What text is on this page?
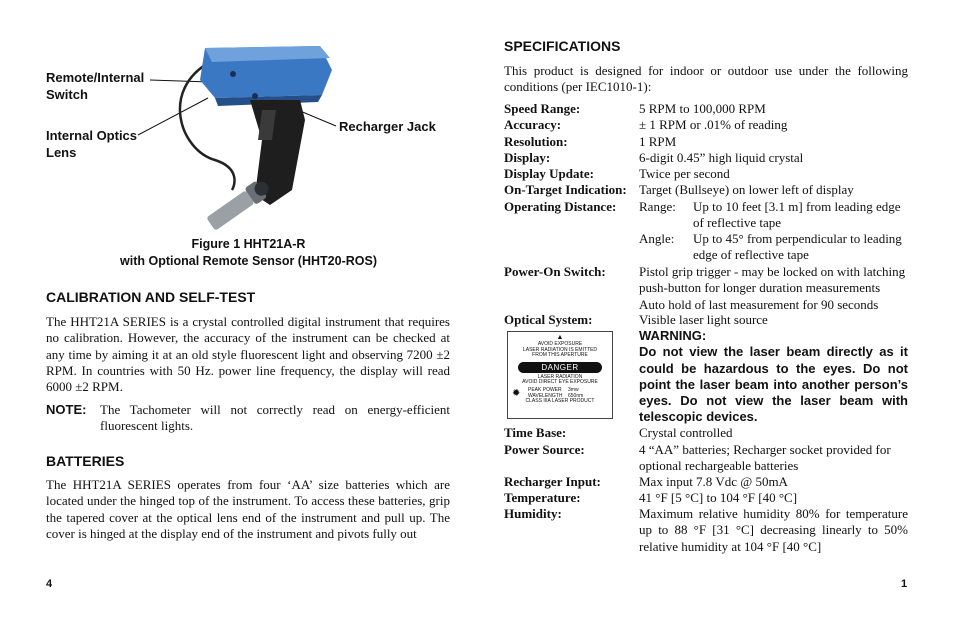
Remote/Internal
Switch
Internal Optics
Lens
Recharger Jack
Figure 1 HHT21A-R
with Optional Remote Sensor (HHT20-ROS)
CALIBRATION AND SELF-TEST
The HHT21A SERIES is a crystal controlled digital instrument that requires no calibration. However, the accuracy of the instrument can be checked at any time by aiming it at an old style fluorescent light and observing 7200 ±2 RPM. In countries with 50 Hz. power line frequency, the display will read 6000 ±2 RPM.
NOTE: The Tachometer will not correctly read on energy-efficient fluorescent lights.
BATTERIES
The HHT21A SERIES operates from four ‘AA’ size batteries which are located under the hinged top of the instrument. To access these batteries, grip the tapered cover at the optical lens end of the instrument and pull up. The cover is hinged at the display end of the instrument and pivots fully out
4
SPECIFICATIONS
This product is designed for indoor or outdoor use under the following conditions (per IEC1010-1):
Speed Range:	5 RPM to 100,000 RPM
Accuracy:	± 1 RPM or .01% of reading
Resolution:	1 RPM
Display:	6-digit 0.45” high liquid crystal
Display Update:	Twice per second
On-Target Indication: Target (Bullseye) on lower left of display
Operating Distance: Range:	Up to 10 feet [3.1 m] from leading edge of reflective tape
Angle:	Up to 45° from perpendicular to leading edge of reflective tape
Power-On Switch:	Pistol grip trigger - may be locked on with latching push-button for longer duration measurements Auto hold of last measurement for 90 seconds
Optical System:	Visible laser light source
WARNING:
Do not view the laser beam directly as it could be hazardous to the eyes. Do not point the laser beam into another person’s eyes. Do not view the laser beam with telescopic devices.
Time Base:	Crystal controlled
Power Source:	4 “AA” batteries; Recharger socket provided for optional rechargeable batteries
Recharger Input:	Max input 7.8 Vdc @ 50mA
Temperature:	41 °F [5 °C] to 104 °F [40 °C]
Humidity:	Maximum relative humidity 80% for temperature up to 88 °F [31 °C] decreasing linearly to 50% relative humidity at 104 °F [40 °C]
▲
AVOID EXPOSURE
LASER RADIATION IS EMITTED
FROM THIS APERTURE
DANGER
LASER RADIATION
AVOID DIRECT EYE EXPOSURE
✹	PEAK POWER	3mw
WAVELENGTH	650nm
CLASS IIIA LASER PRODUCT
1
